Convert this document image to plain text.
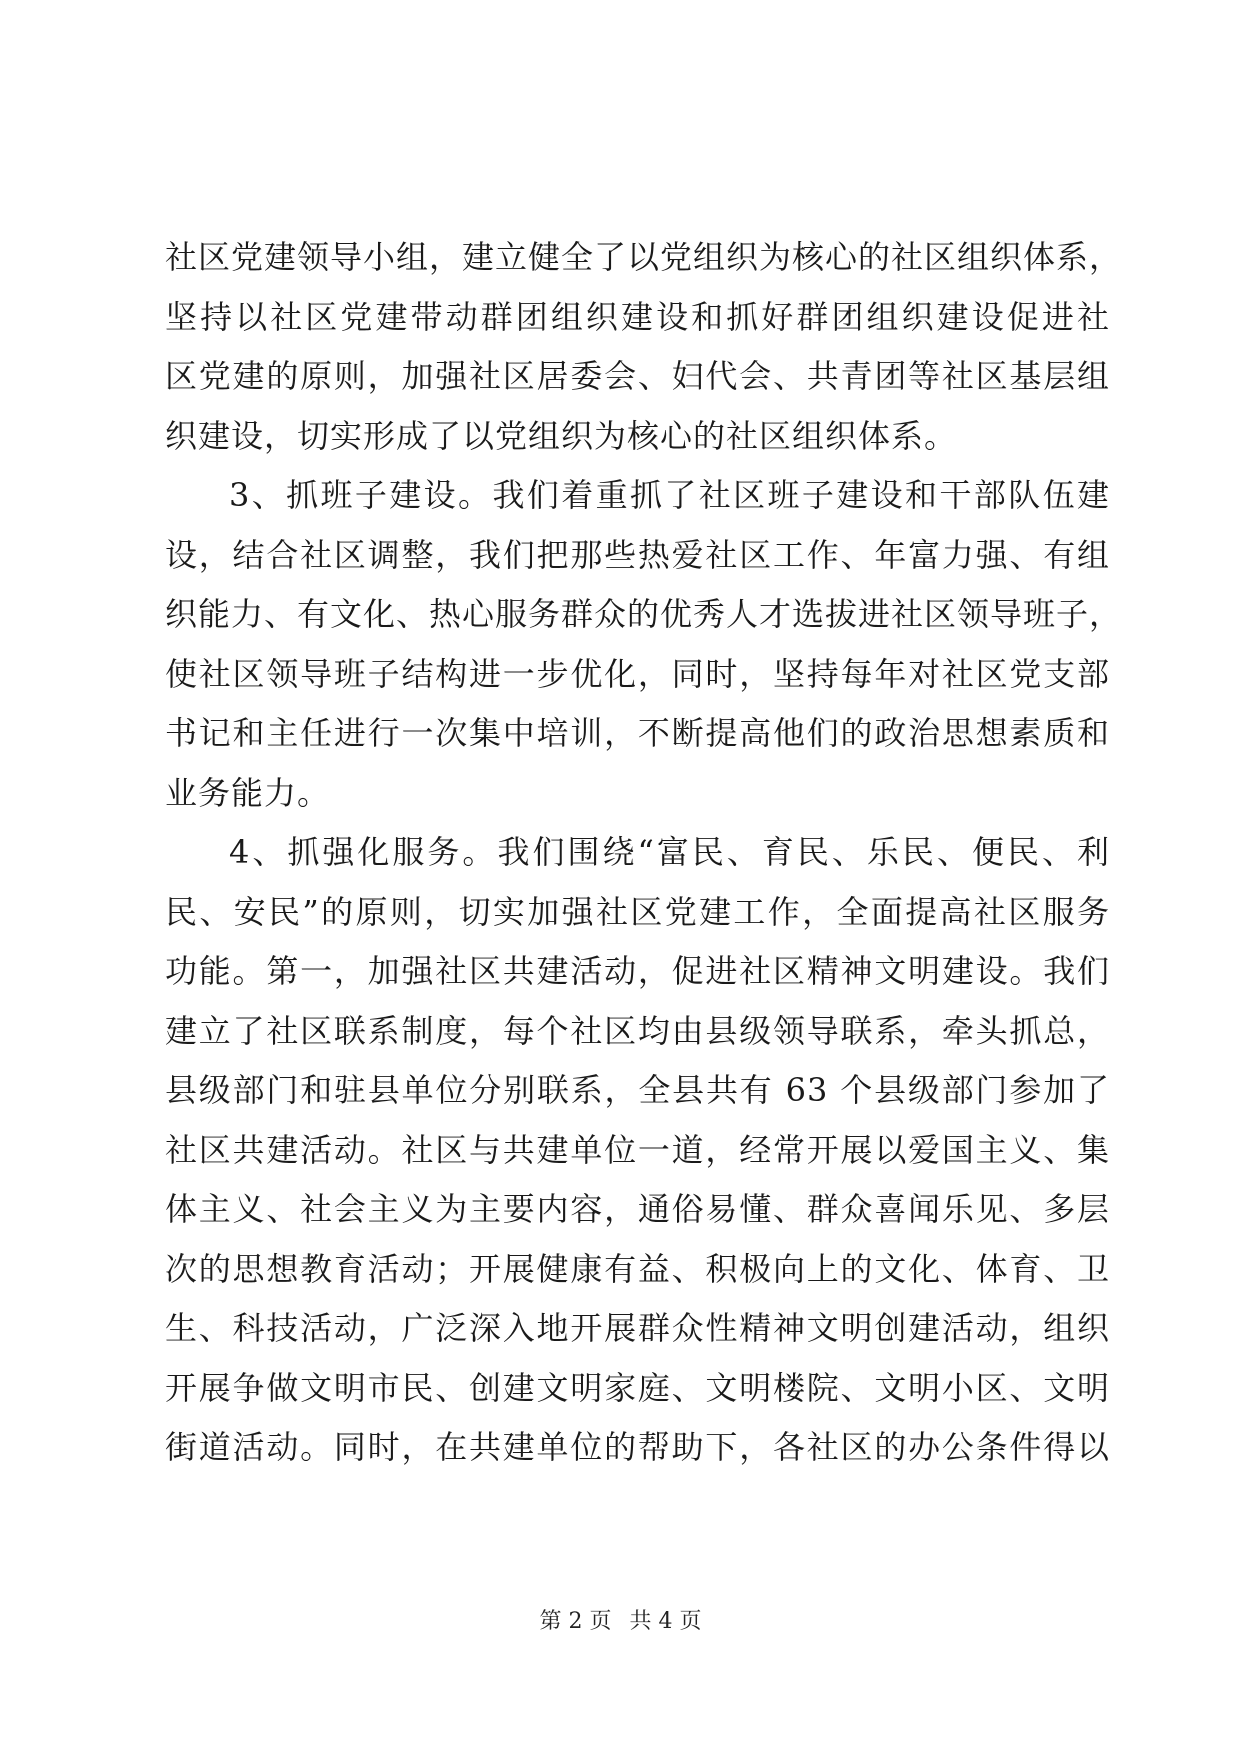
社区党建领导小组，建立健全了以党组织为核心的社区组织体系，
坚持以社区党建带动群团组织建设和抓好群团组织建设促进社
区党建的原则，加强社区居委会、妇代会、共青团等社区基层组
织建设，切实形成了以党组织为核心的社区组织体系。
3、抓班子建设。我们着重抓了社区班子建设和干部队伍建
设，结合社区调整，我们把那些热爱社区工作、年富力强、有组
织能力、有文化、热心服务群众的优秀人才选拔进社区领导班子，
使社区领导班子结构进一步优化，同时，坚持每年对社区党支部
书记和主任进行一次集中培训，不断提高他们的政治思想素质和
业务能力。
4、抓强化服务。我们围绕“富民、育民、乐民、便民、利
民、安民”的原则，切实加强社区党建工作，全面提高社区服务
功能。第一，加强社区共建活动，促进社区精神文明建设。我们
建立了社区联系制度，每个社区均由县级领导联系，牵头抓总，
县级部门和驻县单位分别联系，全县共有 63 个县级部门参加了
社区共建活动。社区与共建单位一道，经常开展以爱国主义、集
体主义、社会主义为主要内容，通俗易懂、群众喜闻乐见、多层
次的思想教育活动；开展健康有益、积极向上的文化、体育、卫
生、科技活动，广泛深入地开展群众性精神文明创建活动，组织
开展争做文明市民、创建文明家庭、文明楼院、文明小区、文明
街道活动。同时，在共建单位的帮助下，各社区的办公条件得以
第 2 页 共 4 页
